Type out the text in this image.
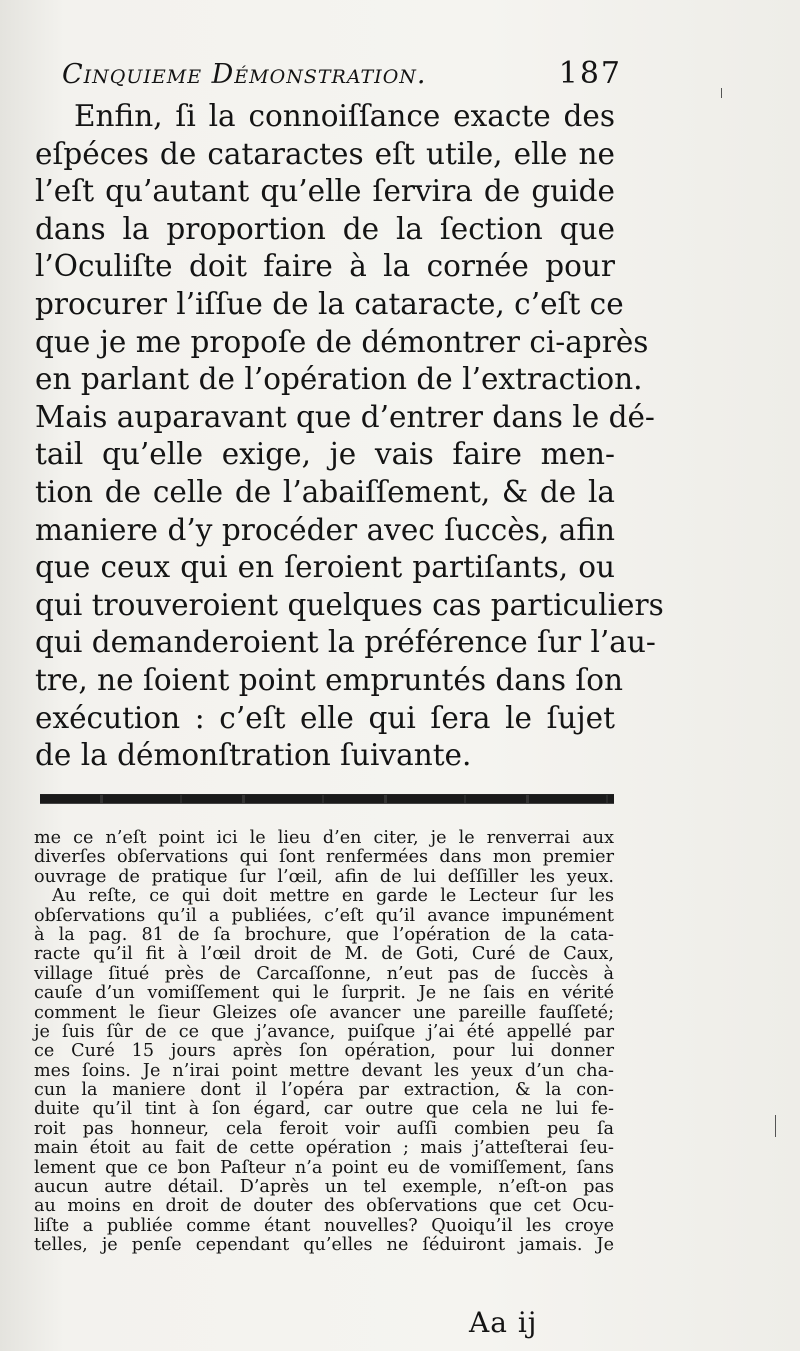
Cinquieme Démonstration.	187
Enfin, ſi la connoiſſance exacte des
eſpéces de cataractes eſt utile, elle ne
l’eſt qu’autant qu’elle ſervira de guide
dans la proportion de la ſection que
l’Oculiſte doit faire à la cornée pour
procurer l’iſſue de la cataracte, c’eſt ce
que je me propoſe de démontrer ci-après
en parlant de l’opération de l’extraction.
Mais auparavant que d’entrer dans le dé-
tail qu’elle exige, je vais faire men-
tion de celle de l’abaiſſement, & de la
maniere d’y procéder avec ſuccès, afin
que ceux qui en ſeroient partiſants, ou
qui trouveroient quelques cas particuliers
qui demanderoient la préférence ſur l’au-
tre, ne ſoient point empruntés dans ſon
exécution : c’eſt elle qui ſera le ſujet
de la démonſtration ſuivante.
me ce n’eſt point ici le lieu d’en citer, je le renverrai aux
diverſes obſervations qui ſont renfermées dans mon premier
ouvrage de pratique ſur l’œil, afin de lui deſſiller les yeux.
Au reſte, ce qui doit mettre en garde le Lecteur ſur les
obſervations qu’il a publiées, c’eſt qu’il avance impunément
à la pag. 81 de ſa brochure, que l’opération de la cata-
racte qu’il fit à l’œil droit de M. de Goti, Curé de Caux,
village ſitué près de Carcaſſonne, n’eut pas de ſuccès à
cauſe d’un vomiſſement qui le ſurprit. Je ne ſais en vérité
comment le ſieur Gleizes oſe avancer une pareille fauſſeté;
je ſuis ſûr de ce que j’avance, puiſque j’ai été appellé par
ce Curé 15 jours après ſon opération, pour lui donner
mes ſoins. Je n’irai point mettre devant les yeux d’un cha-
cun la maniere dont il l’opéra par extraction, & la con-
duite qu’il tint à ſon égard, car outre que cela ne lui fe-
roit pas honneur, cela feroit voir auſſi combien peu ſa
main étoit au fait de cette opération ; mais j’atteſterai ſeu-
lement que ce bon Paſteur n’a point eu de vomiſſement, ſans
aucun autre détail. D’après un tel exemple, n’eſt-on pas
au moins en droit de douter des obſervations que cet Ocu-
liſte a publiée comme étant nouvelles? Quoiqu’il les croye
telles, je penſe cependant qu’elles ne ſéduiront jamais. Je
Aa ij
